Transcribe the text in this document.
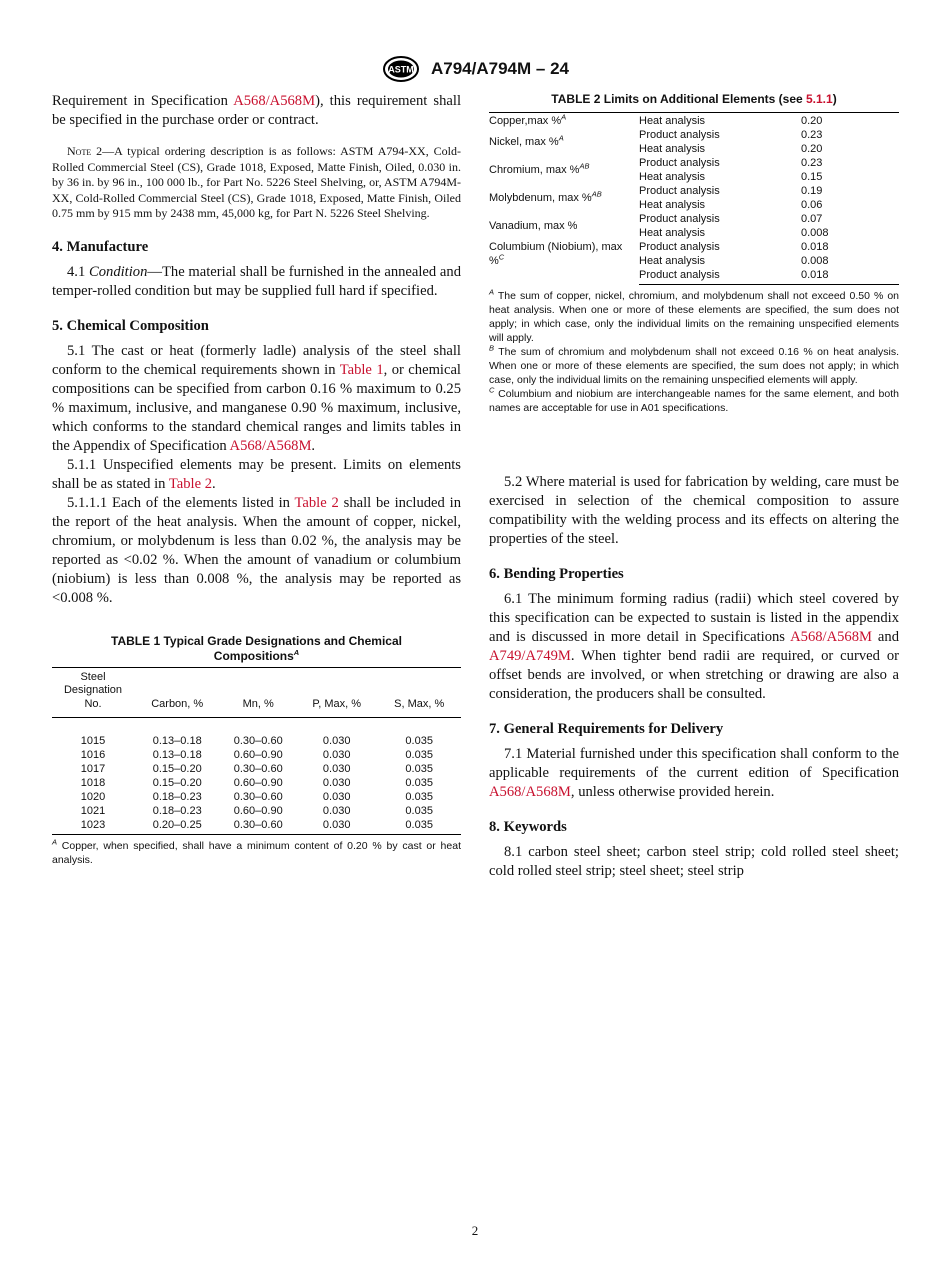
ASTM A794/A794M – 24

Requirement in Specification A568/A568M), this requirement shall be specified in the purchase order or contract.

Note 2—A typical ordering description is as follows: ASTM A794-XX, Cold-Rolled Commercial Steel (CS), Grade 1018, Exposed, Matte Finish, Oiled, 0.030 in. by 36 in. by 96 in., 100 000 lb., for Part No. 5226 Steel Shelving, or, ASTM A794M-XX, Cold-Rolled Commercial Steel (CS), Grade 1018, Exposed, Matte Finish, Oiled 0.75 mm by 915 mm by 2438 mm, 45,000 kg, for Part N. 5226 Steel Shelving.

4. Manufacture

4.1 Condition—The material shall be furnished in the annealed and temper-rolled condition but may be supplied full hard if specified.

5. Chemical Composition

5.1 The cast or heat (formerly ladle) analysis of the steel shall conform to the chemical requirements shown in Table 1, or chemical compositions can be specified from carbon 0.16 % maximum to 0.25 % maximum, inclusive, and manganese 0.90 % maximum, inclusive, which conforms to the standard chemical ranges and limits tables in the Appendix of Specification A568/A568M.

5.1.1 Unspecified elements may be present. Limits on elements shall be as stated in Table 2.

5.1.1.1 Each of the elements listed in Table 2 shall be included in the report of the heat analysis. When the amount of copper, nickel, chromium, or molybdenum is less than 0.02 %, the analysis may be reported as <0.02 %. When the amount of vanadium or columbium (niobium) is less than 0.008 %, the analysis may be reported as <0.008 %.

TABLE 1 Typical Grade Designations and Chemical Compositions$^A$
Steel Designation No.	Carbon, %	Mn, %	P, Max, %	S, Max, %

1015	0.13–0.18	0.30–0.60	0.030	0.035
1016	0.13–0.18	0.60–0.90	0.030	0.035
1017	0.15–0.20	0.30–0.60	0.030	0.035
1018	0.15–0.20	0.60–0.90	0.030	0.035
1020	0.18–0.23	0.30–0.60	0.030	0.035
1021	0.18–0.23	0.60–0.90	0.030	0.035
1023	0.20–0.25	0.30–0.60	0.030	0.035
$^A$ Copper, when specified, shall have a minimum content of 0.20 % by cast or heat analysis.
TABLE 2 Limits on Additional Elements (see 5.1.1)
Copper,max %$^A$	Heat analysis	0.20
Nickel, max %$^A$	Product analysis	0.23
	Heat analysis	0.20
Chromium, max %$^{AB}$	Product analysis	0.23
	Heat analysis	0.15
Molybdenum, max %$^{AB}$	Product analysis	0.19
	Heat analysis	0.06
Vanadium, max %	Product analysis	0.07
	Heat analysis	0.008
Columbium (Niobium), max %$^C$	Product analysis	0.018
	Heat analysis	0.008
	Product analysis	0.018
$^A$ The sum of copper, nickel, chromium, and molybdenum shall not exceed 0.50 % on heat analysis. When one or more of these elements are specified, the sum does not apply; in which case, only the individual limits on the remaining unspecified elements will apply.
$^B$ The sum of chromium and molybdenum shall not exceed 0.16 % on heat analysis. When one or more of these elements are specified, the sum does not apply; in which case, only the individual limits on the remaining unspecified elements will apply.
$^C$ Columbium and niobium are interchangeable names for the same element, and both names are acceptable for use in A01 specifications.

5.2 Where material is used for fabrication by welding, care must be exercised in selection of the chemical composition to assure compatibility with the welding process and its effects on altering the properties of the steel.

6. Bending Properties

6.1 The minimum forming radius (radii) which steel covered by this specification can be expected to sustain is listed in the appendix and is discussed in more detail in Specifications A568/A568M and A749/A749M. When tighter bend radii are required, or curved or offset bends are involved, or when stretching or drawing are also a consideration, the producers shall be consulted.

7. General Requirements for Delivery

7.1 Material furnished under this specification shall conform to the applicable requirements of the current edition of Specification A568/A568M, unless otherwise provided herein.

8. Keywords

8.1 carbon steel sheet; carbon steel strip; cold rolled steel sheet; cold rolled steel strip; steel sheet; steel strip

2
